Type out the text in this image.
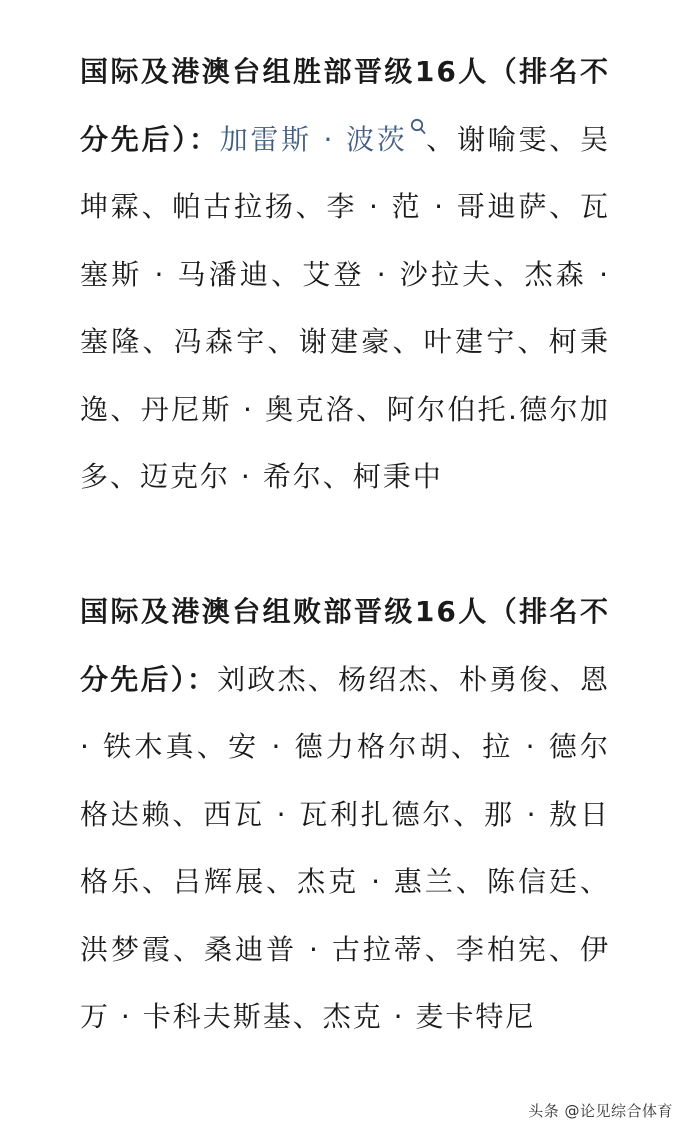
国际及港澳台组胜部晋级16人（排名不分先后）：加雷斯 · 波茨 、谢喻雯、吴坤霖、帕古拉扬、李 · 范 · 哥迪萨、瓦塞斯 · 马潘迪、艾登 · 沙拉夫、杰森 · 塞隆、冯森宇、谢建豪、叶建宁、柯秉逸、丹尼斯 · 奥克洛、阿尔伯托.德尔加多、迈克尔 · 希尔、柯秉中

国际及港澳台组败部晋级16人（排名不分先后）：刘政杰、杨绍杰、朴勇俊、恩 · 铁木真、安 · 德力格尔胡、拉 · 德尔格达赖、西瓦 · 瓦利扎德尔、那 · 敖日格乐、吕辉展、杰克 · 惠兰、陈信廷、洪梦霞、桑迪普 · 古拉蒂、李柏宪、伊万 · 卡科夫斯基、杰克 · 麦卡特尼

头条 @论见综合体育
